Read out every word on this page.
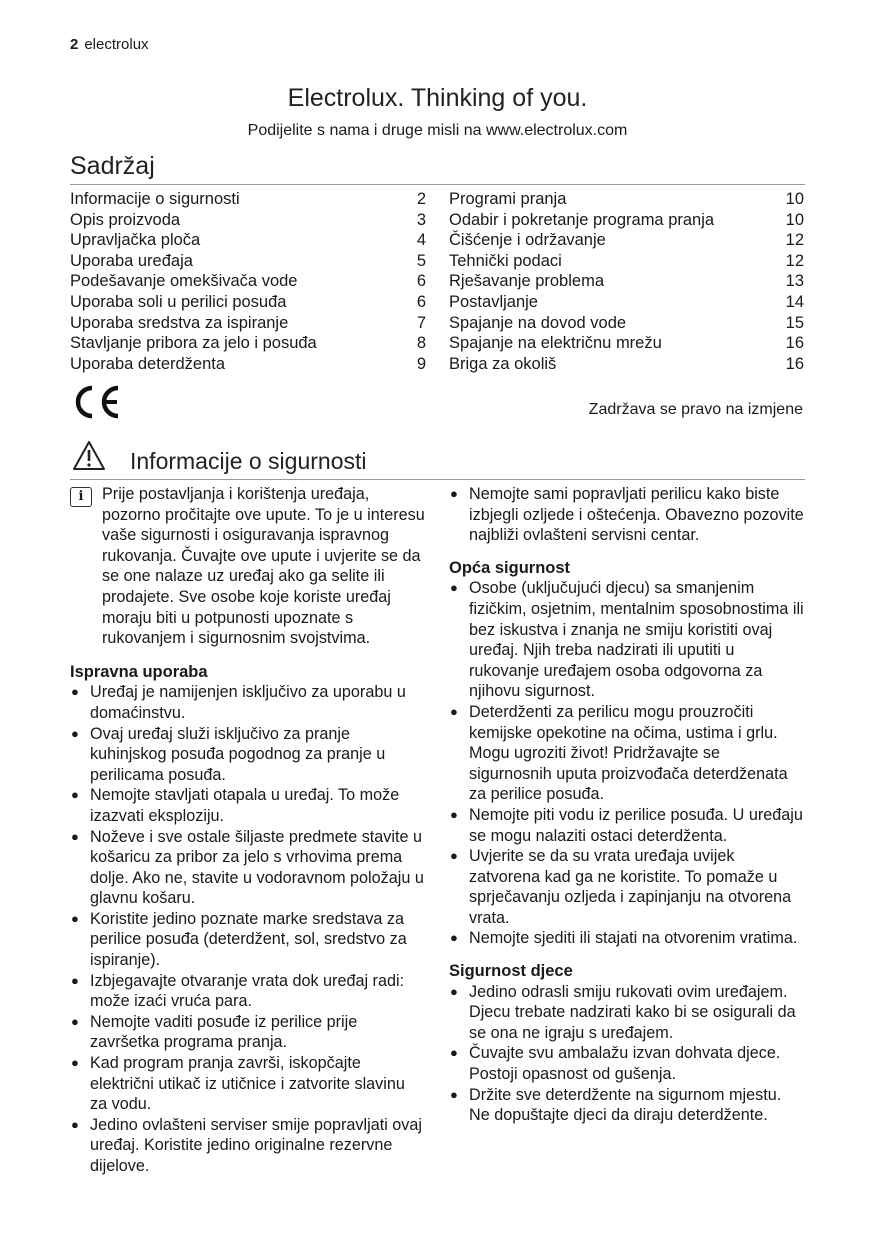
2 electrolux
Electrolux. Thinking of you.
Podijelite s nama i druge misli na www.electrolux.com
Sadržaj
Informacije o sigurnosti	2
Opis proizvoda	3
Upravljačka ploča	4
Uporaba uređaja	5
Podešavanje omekšivača vode	6
Uporaba soli u perilici posuđa	6
Uporaba sredstva za ispiranje	7
Stavljanje pribora za jelo i posuđa	8
Uporaba deterdženta	9
Programi pranja	10
Odabir i pokretanje programa pranja	10
Čišćenje i održavanje	12
Tehnički podaci	12
Rješavanje problema	13
Postavljanje	14
Spajanje na dovod vode	15
Spajanje na električnu mrežu	16
Briga za okoliš	16
Zadržava se pravo na izmjene
Informacije o sigurnosti
i	Prije postavljanja i korištenja uređaja, pozorno pročitajte ove upute. To je u interesu vaše sigurnosti i osiguravanja ispravnog rukovanja. Čuvajte ove upute i uvjerite se da se one nalaze uz uređaj ako ga selite ili prodajete. Sve osobe koje koriste uređaj moraju biti u potpunosti upoznate s rukovanjem i sigurnosnim svojstvima.

Ispravna uporaba
● Uređaj je namijenjen isključivo za uporabu u domaćinstvu.
● Ovaj uređaj služi isključivo za pranje kuhinjskog posuđa pogodnog za pranje u perilicama posuđa.
● Nemojte stavljati otapala u uređaj. To može izazvati eksploziju.
● Noževe i sve ostale šiljaste predmete stavite u košaricu za pribor za jelo s vrhovima prema dolje. Ako ne, stavite u vodoravnom položaju u glavnu košaru.
● Koristite jedino poznate marke sredstava za perilice posuđa (deterdžent, sol, sredstvo za ispiranje).
● Izbjegavajte otvaranje vrata dok uređaj radi: može izaći vruća para.
● Nemojte vaditi posuđe iz perilice prije završetka programa pranja.
● Kad program pranja završi, iskopčajte električni utikač iz utičnice i zatvorite slavinu za vodu.
● Jedino ovlašteni serviser smije popravljati ovaj uređaj. Koristite jedino originalne rezervne dijelove.
● Nemojte sami popravljati perilicu kako biste izbjegli ozljede i oštećenja. Obavezno pozovite najbliži ovlašteni servisni centar.
Opća sigurnost
● Osobe (uključujući djecu) sa smanjenim fizičkim, osjetnim, mentalnim sposobnostima ili bez iskustva i znanja ne smiju koristiti ovaj uređaj. Njih treba nadzirati ili uputiti u rukovanje uređajem osoba odgovorna za njihovu sigurnost.
● Deterdženti za perilicu mogu prouzročiti kemijske opekotine na očima, ustima i grlu. Mogu ugroziti život! Pridržavajte se sigurnosnih uputa proizvođača deterdženata za perilice posuđa.
● Nemojte piti vodu iz perilice posuđa. U uređaju se mogu nalaziti ostaci deterdženta.
● Uvjerite se da su vrata uređaja uvijek zatvorena kad ga ne koristite. To pomaže u sprječavanju ozljeda i zapinjanju na otvorena vrata.
● Nemojte sjediti ili stajati na otvorenim vratima.
Sigurnost djece
● Jedino odrasli smiju rukovati ovim uređajem. Djecu trebate nadzirati kako bi se osigurali da se ona ne igraju s uređajem.
● Čuvajte svu ambalažu izvan dohvata djece. Postoji opasnost od gušenja.
● Držite sve deterdžente na sigurnom mjestu. Ne dopuštajte djeci da diraju deterdžente.
